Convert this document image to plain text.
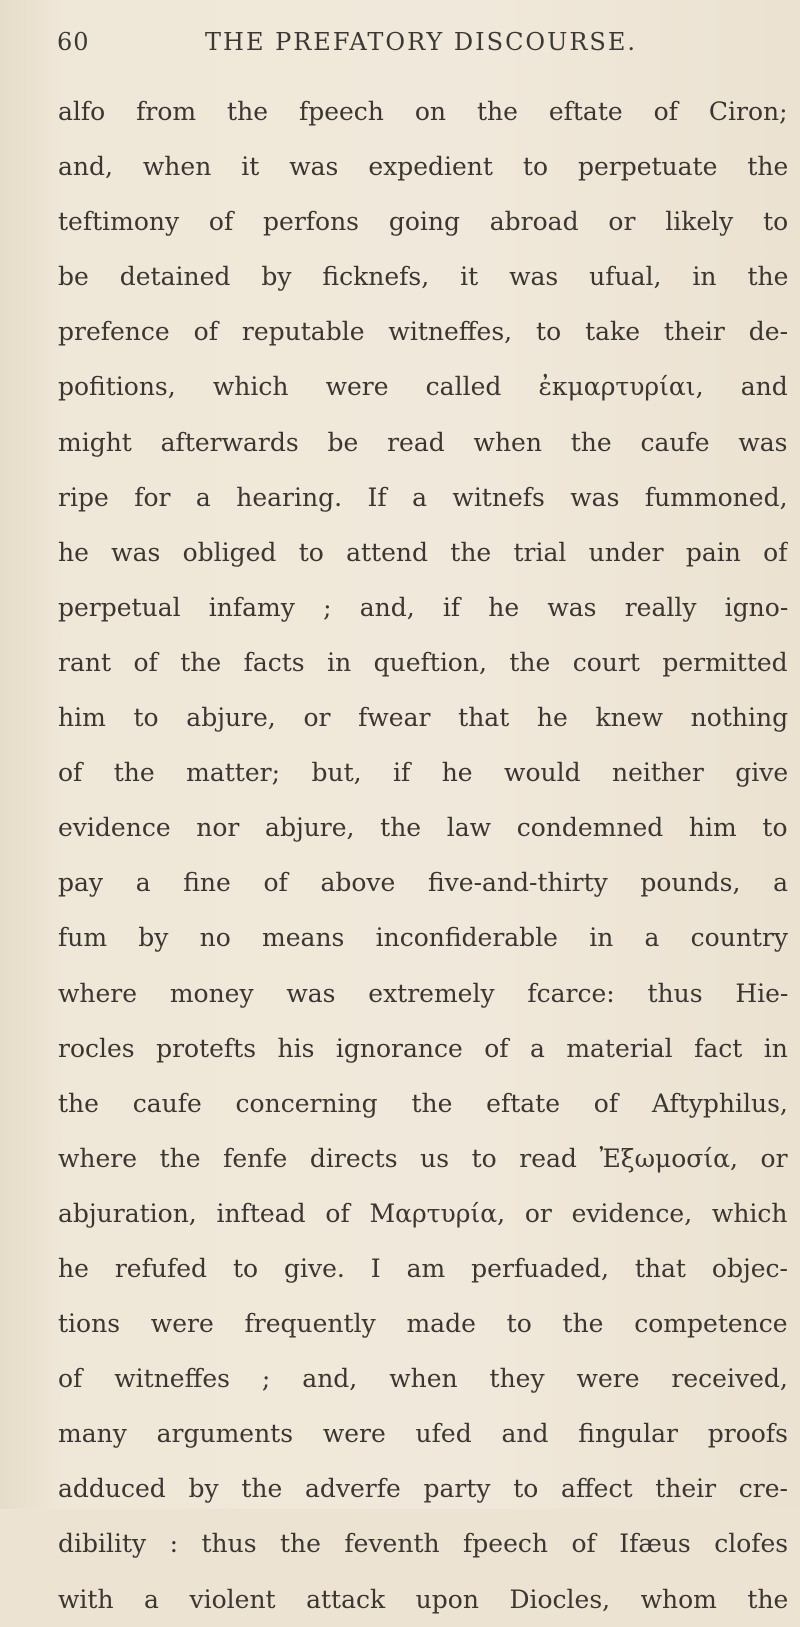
60	THE PREFATORY DISCOURSE.
alfo from the fpeech on the eftate of Ciron;
and, when it was expedient to perpetuate the
teftimony of perfons going abroad or likely to
be detained by ficknefs, it was ufual, in the
prefence of reputable witneffes, to take their de-
pofitions, which were called ἐκμαρτυρίαι, and
might afterwards be read when the caufe was
ripe for a hearing. If a witnefs was fummoned,
he was obliged to attend the trial under pain of
perpetual infamy ; and, if he was really igno-
rant of the facts in queftion, the court permitted
him to abjure, or fwear that he knew nothing
of the matter; but, if he would neither give
evidence nor abjure, the law condemned him to
pay a fine of above five-and-thirty pounds, a
fum by no means inconfiderable in a country
where money was extremely fcarce: thus Hie-
rocles protefts his ignorance of a material fact in
the caufe concerning the eftate of Aftyphilus,
where the fenfe directs us to read Ἐξωμοσία, or
abjuration, inftead of Μαρτυρία, or evidence, which
he refufed to give. I am perfuaded, that objec-
tions were frequently made to the competence
of witneffes ; and, when they were received,
many arguments were ufed and fingular proofs
adduced by the adverfe party to affect their cre-
dibility : thus the feventh fpeech of Ifæus clofes
with a violent attack upon Diocles, whom the
